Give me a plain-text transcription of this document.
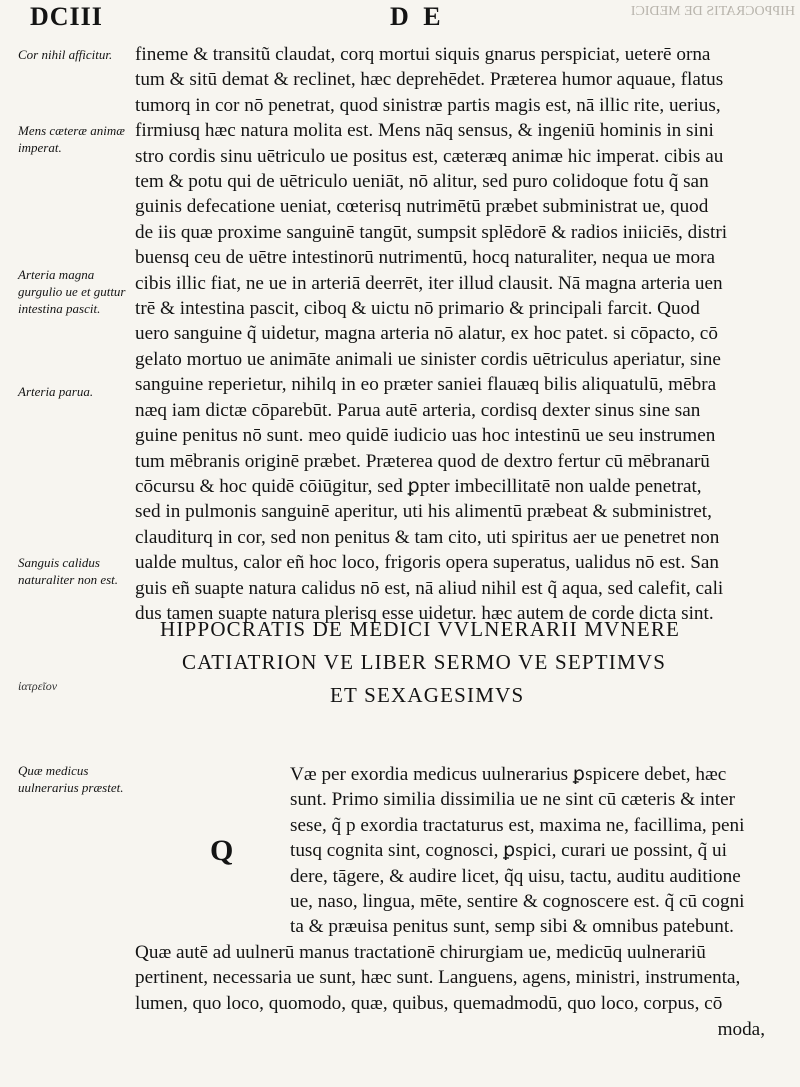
HIPPOCRATIS DE MEDICI
DCIII	D E
Cor nihil afficitur.
Mens cæteræ animæ imperat.
Arteria magna gurgulio ue et guttur intestina pascit.
Arteria parua.
Sanguis calidus naturaliter non est.
ἰατρεῖον
Quæ medicus uulnerarius præstet.
fineme & transitũ claudat, corq mortui siquis gnarus perspiciat, ueterē orna
tum & sitū demat & reclinet, hæc deprehēdet. Præterea humor aquaue, flatus
tumorq in cor nō penetrat, quod sinistræ partis magis est, nā illic rite, uerius,
firmiusq hæc natura molita est. Mens nāq sensus, & ingeniū hominis in sini
stro cordis sinu uētriculo ue positus est, cæteræq animæ hic imperat. cibis au
tem & potu qui de uētriculo ueniāt, nō alitur, sed puro colidoque fotu q̃ san
guinis defecatione ueniat, cœterisq nutrimētū præbet subministrat ue, quod
de iis quæ proxime sanguinē tangūt, sumpsit splēdorē & radios iniiciēs, distri
buensq ceu de uētre intestinorū nutrimentū, hocq naturaliter, nequa ue mora
cibis illic fiat, ne ue in arteriā deerrēt, iter illud clausit. Nā magna arteria uen
trē & intestina pascit, ciboq & uictu nō primario & principali farcit. Quod
uero sanguine q̃ uidetur, magna arteria nō alatur, ex hoc patet. si cōpacto, cō
gelato mortuo ue animāte animali ue sinister cordis uētriculus aperiatur, sine
sanguine reperietur, nihilq in eo præter saniei flauæq bilis aliquatulū, mēbra
næq iam dictæ cōparebūt. Parua autē arteria, cordisq dexter sinus sine san
guine penitus nō sunt. meo quidē iudicio uas hoc intestinū ue seu instrumen
tum mēbranis originē præbet. Præterea quod de dextro fertur cū mēbranarū
cōcursu & hoc quidē cōiūgitur, sed ꝑpter imbecillitatē non ualde penetrat,
sed in pulmonis sanguinē aperitur, uti his alimentū præbeat & subministret,
clauditurq in cor, sed non penitus & tam cito, uti spiritus aer ue penetret non
ualde multus, calor eñ hoc loco, frigoris opera superatus, ualidus nō est. San
guis eñ suapte natura calidus nō est, nā aliud nihil est q̃ aqua, sed calefit, cali
dus tamen suapte natura plerisq esse uidetur. hæc autem de corde dicta sint.
HIPPOCRATIS DE MEDICI VVLNERARII MVNERE
CATIATRION VE LIBER SERMO VE SEPTIMVS
ET SEXAGESIMVS
Q
Væ per exordia medicus uulnerarius ꝑspicere debet, hæc
sunt. Primo similia dissimilia ue ne sint cū cæteris & inter
sese, q̃ p exordia tractaturus est, maxima ne, facillima, peni
tusq cognita sint, cognosci, ꝑspici, curari ue possint, q̃ ui
dere, tāgere, & audire licet, q̃q uisu, tactu, auditu auditione
ue, naso, lingua, mēte, sentire & cognoscere est. q̃ cū cogni
ta & præuisa penitus sunt, semp sibi & omnibus patebunt.
Quæ autē ad uulnerū manus tractationē chirurgiam ue, medicūq uulnerariū
pertinent, necessaria ue sunt, hæc sunt. Languens, agens, ministri, instrumenta,
lumen, quo loco, quomodo, quæ, quibus, quemadmodū, quo loco, corpus, cō
moda,
